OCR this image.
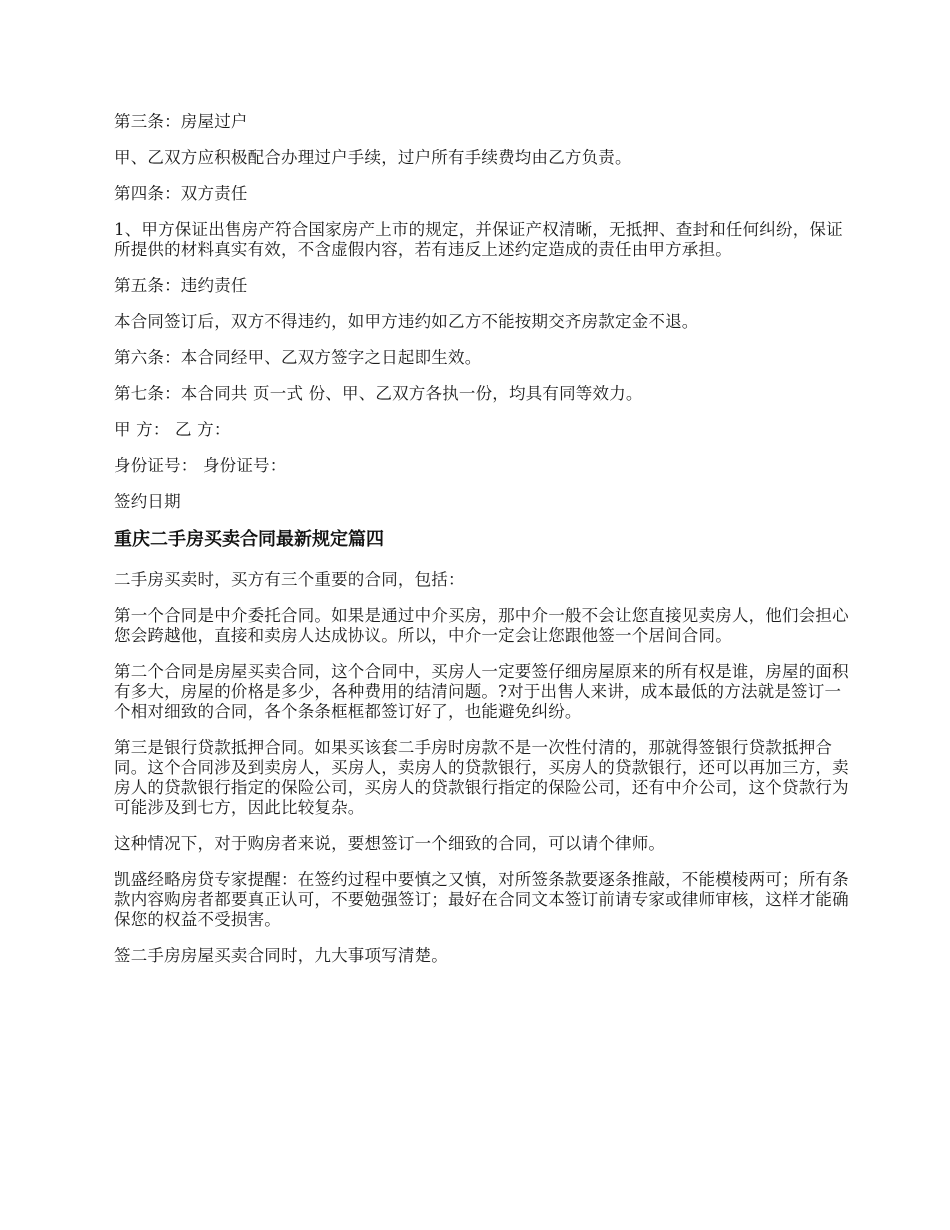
第三条：房屋过户

甲、乙双方应积极配合办理过户手续，过户所有手续费均由乙方负责。

第四条：双方责任

1、甲方保证出售房产符合国家房产上市的规定，并保证产权清晰，无抵押、查封和任何纠纷，保证所提供的材料真实有效，不含虚假内容，若有违反上述约定造成的责任由甲方承担。

第五条：违约责任

本合同签订后，双方不得违约，如甲方违约如乙方不能按期交齐房款定金不退。

第六条：本合同经甲、乙双方签字之日起即生效。

第七条：本合同共 页一式 份、甲、乙双方各执一份，均具有同等效力。

甲 方： 乙 方：

身份证号： 身份证号：

签约日期

重庆二手房买卖合同最新规定篇四

二手房买卖时，买方有三个重要的合同，包括：

第一个合同是中介委托合同。如果是通过中介买房，那中介一般不会让您直接见卖房人，他们会担心您会跨越他，直接和卖房人达成协议。所以，中介一定会让您跟他签一个居间合同。

第二个合同是房屋买卖合同，这个合同中，买房人一定要签仔细房屋原来的所有权是谁，房屋的面积有多大，房屋的价格是多少，各种费用的结清问题。?对于出售人来讲，成本最低的方法就是签订一个相对细致的合同，各个条条框框都签订好了，也能避免纠纷。

第三是银行贷款抵押合同。如果买该套二手房时房款不是一次性付清的，那就得签银行贷款抵押合同。这个合同涉及到卖房人，买房人，卖房人的贷款银行，买房人的贷款银行，还可以再加三方，卖房人的贷款银行指定的保险公司，买房人的贷款银行指定的保险公司，还有中介公司，这个贷款行为可能涉及到七方，因此比较复杂。

这种情况下，对于购房者来说，要想签订一个细致的合同，可以请个律师。

凯盛经略房贷专家提醒：在签约过程中要慎之又慎，对所签条款要逐条推敲，不能模棱两可；所有条款内容购房者都要真正认可，不要勉强签订；最好在合同文本签订前请专家或律师审核，这样才能确保您的权益不受损害。

签二手房房屋买卖合同时，九大事项写清楚。
